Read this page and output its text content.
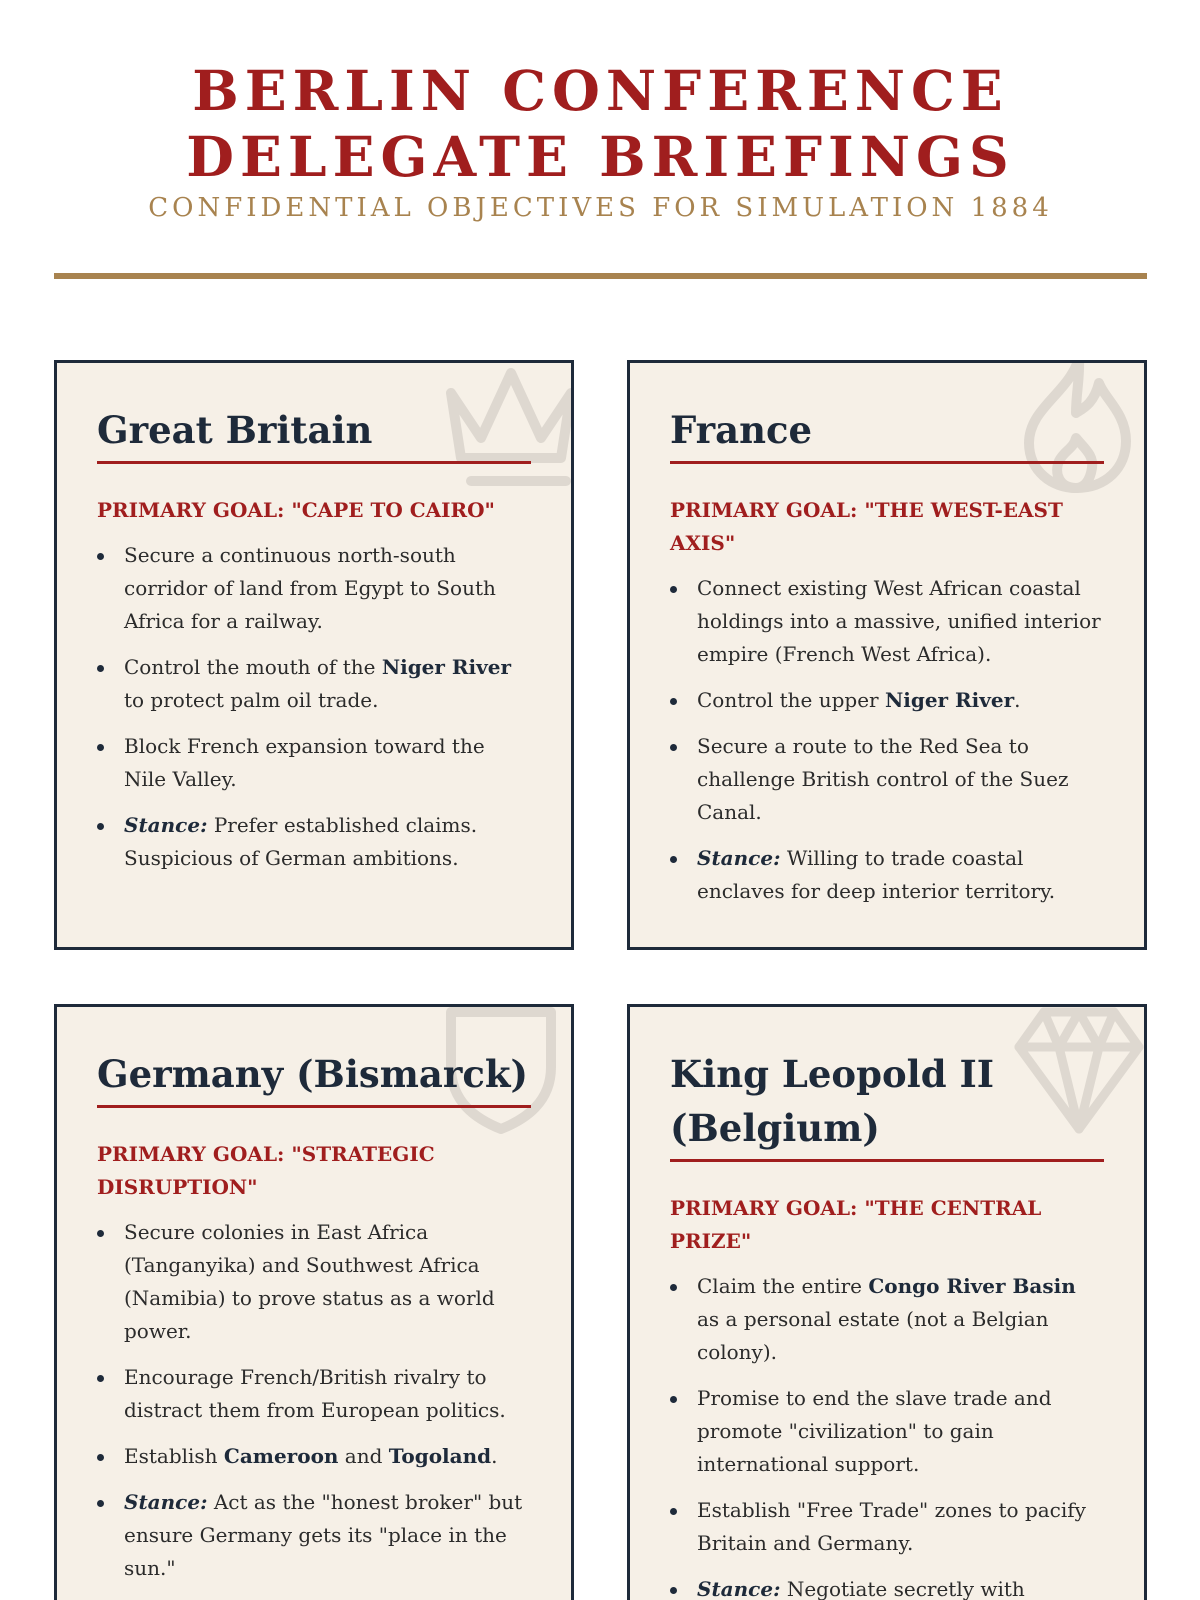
BERLIN CONFERENCE DELEGATE BRIEFINGS
CONFIDENTIAL OBJECTIVES FOR SIMULATION 1884
Great Britain
PRIMARY GOAL: "CAPE TO CAIRO"
Secure a continuous north-south corridor of land from Egypt to South Africa for a railway.
Control the mouth of the Niger River to protect palm oil trade.
Block French expansion toward the Nile Valley.
Stance: Prefer established claims. Suspicious of German ambitions.
France
PRIMARY GOAL: "THE WEST-EAST AXIS"
Connect existing West African coastal holdings into a massive, unified interior empire (French West Africa).
Control the upper Niger River.
Secure a route to the Red Sea to challenge British control of the Suez Canal.
Stance: Willing to trade coastal enclaves for deep interior territory.
Germany (Bismarck)
PRIMARY GOAL: "STRATEGIC DISRUPTION"
Secure colonies in East Africa (Tanganyika) and Southwest Africa (Namibia) to prove status as a world power.
Encourage French/British rivalry to distract them from European politics.
Establish Cameroon and Togoland.
Stance: Act as the "honest broker" but ensure Germany gets its "place in the sun."
King Leopold II (Belgium)
PRIMARY GOAL: "THE CENTRAL PRIZE"
Claim the entire Congo River Basin as a personal estate (not a Belgian colony).
Promise to end the slave trade and promote "civilization" to gain international support.
Establish "Free Trade" zones to pacify Britain and Germany.
Stance: Negotiate secretly with
